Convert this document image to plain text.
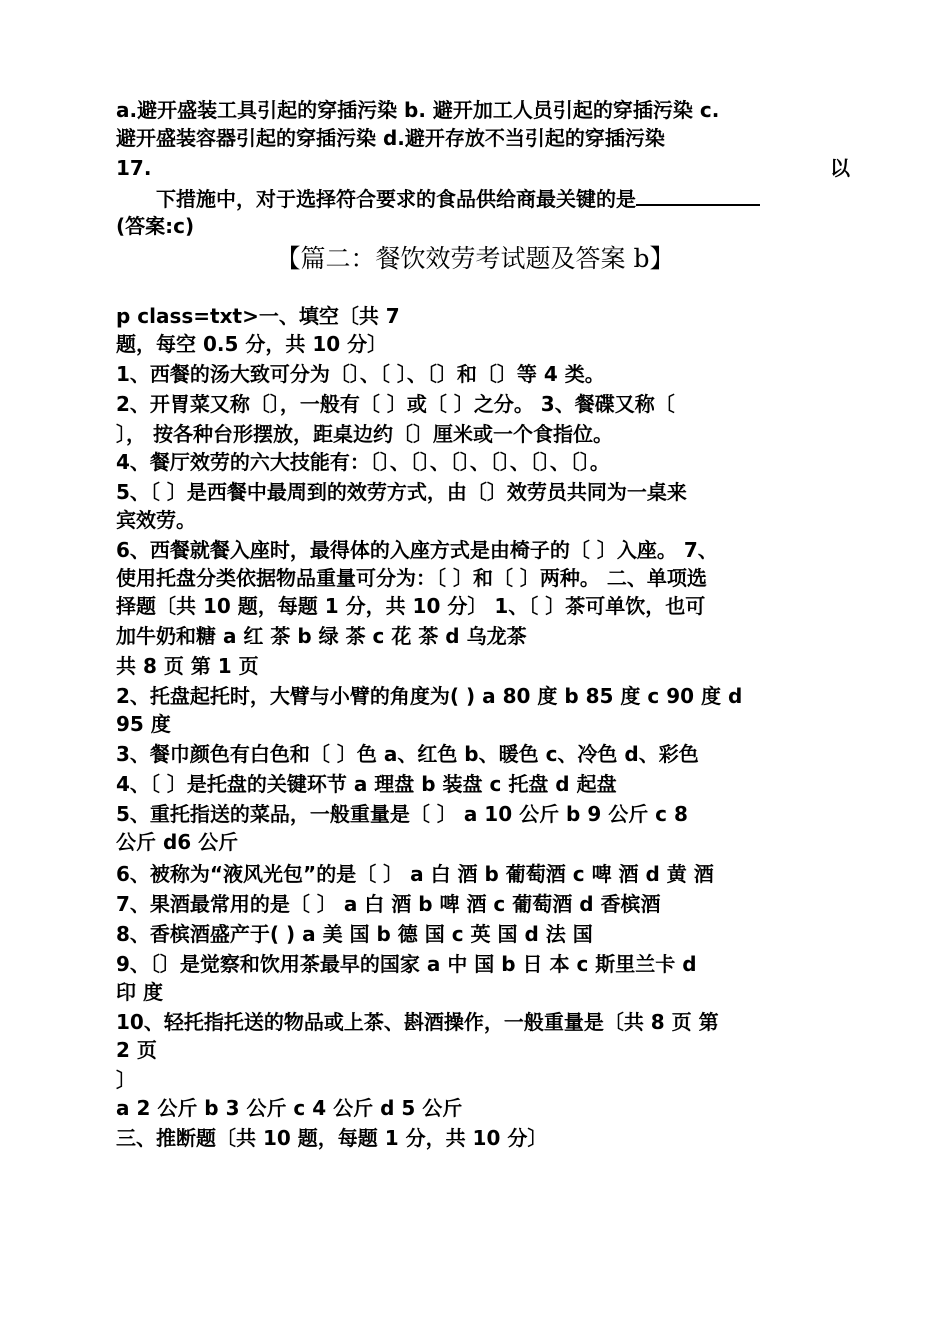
a.避开盛装工具引起的穿插污染 b. 避开加工人员引起的穿插污染 c.
避开盛装容器引起的穿插污染 d.避开存放不当引起的穿插污染
17.	以
下措施中，对于选择符合要求的食品供给商最关键的是
(答案:c)
【篇二：餐饮效劳考试题及答案 b】
p class=txt>一、填空〔共 7
题，每空 0.5 分，共 10 分〕
1、西餐的汤大致可分为〔〕、〔 〕、〔〕和〔〕等 4 类。
2、开胃菜又称〔〕，一般有〔 〕或〔 〕之分。 3、餐碟又称〔
〕， 按各种台形摆放，距桌边约〔〕厘米或一个食指位。
4、餐厅效劳的六大技能有：〔〕、〔〕、〔〕、〔〕、〔〕、〔〕。
5、〔 〕是西餐中最周到的效劳方式，由〔〕效劳员共同为一桌来
宾效劳。
6、西餐就餐入座时，最得体的入座方式是由椅子的〔 〕入座。 7、
使用托盘分类依据物品重量可分为：〔 〕和〔 〕两种。 二、单项选
择题〔共 10 题，每题 1 分，共 10 分〕 1、〔 〕茶可单饮，也可
加牛奶和糖 a 红 茶 b 绿 茶 c 花 茶 d 乌龙茶
共 8 页 第 1 页
2、托盘起托时，大臂与小臂的角度为( ) a 80 度 b 85 度 c 90 度 d
95 度
3、餐巾颜色有白色和〔 〕色 a、红色 b、暖色 c、冷色 d、彩色
4、〔 〕是托盘的关键环节 a 理盘 b 装盘 c 托盘 d 起盘
5、重托指送的菜品，一般重量是〔 〕 a 10 公斤 b 9 公斤 c 8
公斤 d6 公斤
6、被称为“液风光包”的是〔 〕 a 白 酒 b 葡萄酒 c 啤 酒 d 黄 酒
7、果酒最常用的是〔 〕 a 白 酒 b 啤 酒 c 葡萄酒 d 香槟酒
8、香槟酒盛产于( ) a 美 国 b 德 国 c 英 国 d 法 国
9、〔〕是觉察和饮用茶最早的国家 a 中 国 b 日 本 c 斯里兰卡 d
印 度
10、轻托指托送的物品或上茶、斟酒操作，一般重量是〔共 8 页 第
2 页
〕
a 2 公斤 b 3 公斤 c 4 公斤 d 5 公斤
三、推断题〔共 10 题，每题 1 分，共 10 分〕
